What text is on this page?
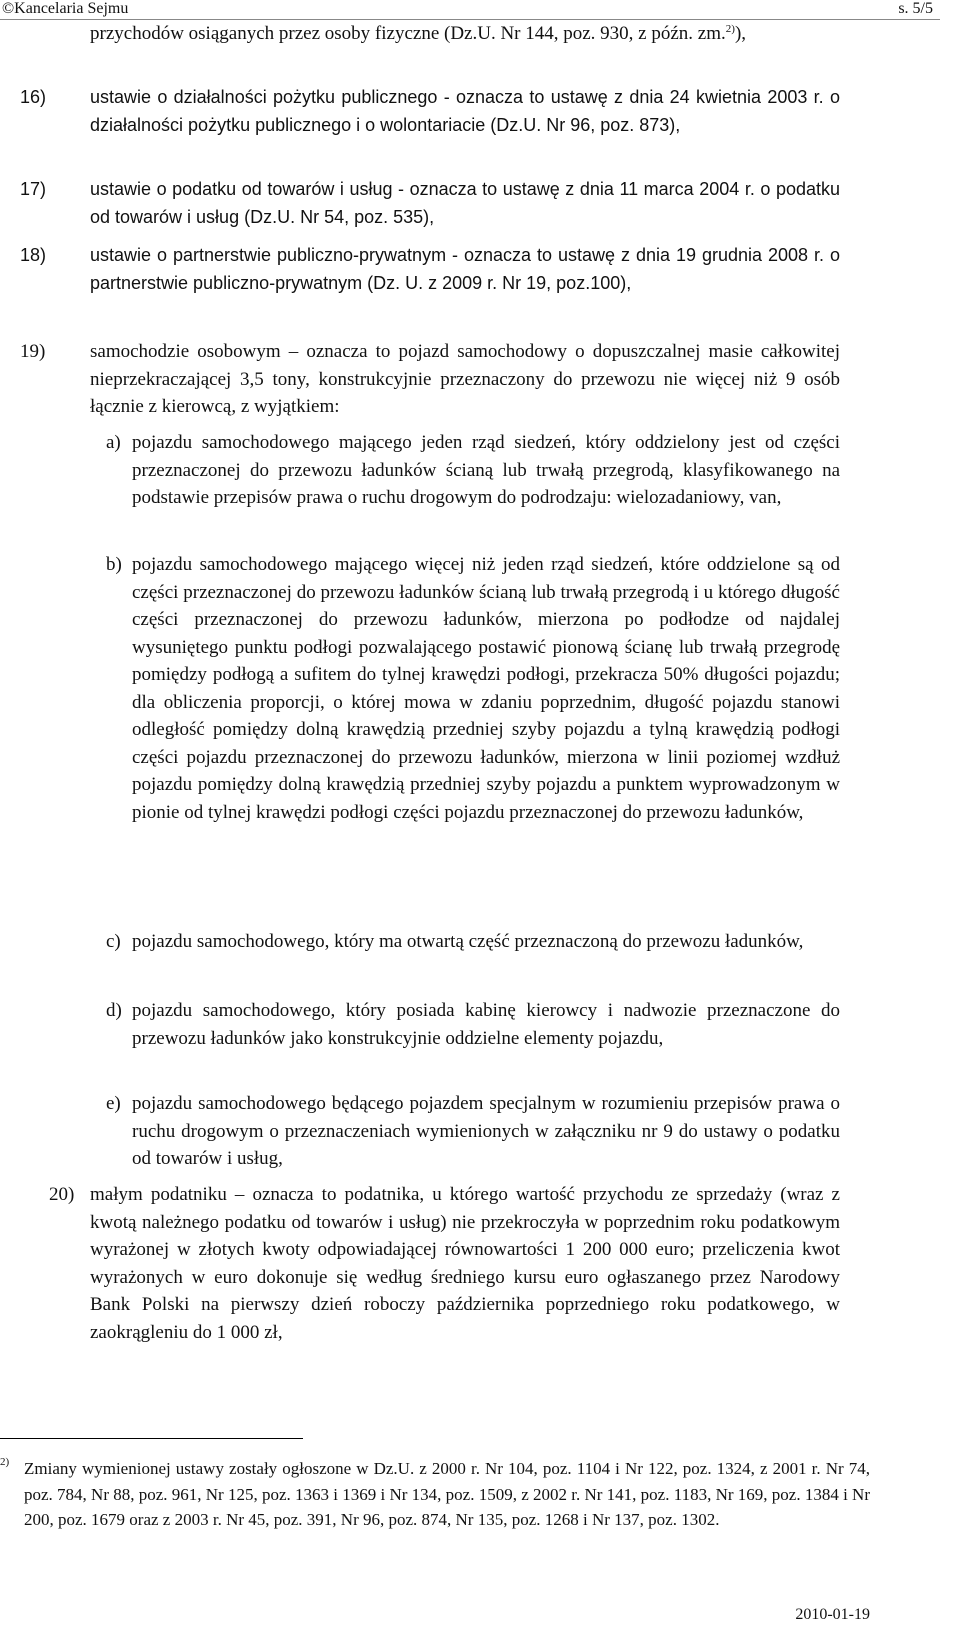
©Kancelaria Sejmu	s. 5/5
przychodów osiąganych przez osoby fizyczne (Dz.U. Nr 144, poz. 930, z późn. zm.$^{2)}$),
16) ustawie o działalności pożytku publicznego - oznacza to ustawę z dnia 24 kwietnia 2003 r. o działalności pożytku publicznego i o wolontariacie (Dz.U. Nr 96, poz. 873),
17) ustawie o podatku od towarów i usług - oznacza to ustawę z dnia 11 marca 2004 r. o podatku od towarów i usług (Dz.U. Nr 54, poz. 535),
18) ustawie o partnerstwie publiczno-prywatnym - oznacza to ustawę z dnia 19 grudnia 2008 r. o partnerstwie publiczno-prywatnym (Dz. U. z 2009 r. Nr 19, poz.100),
19) samochodzie osobowym – oznacza to pojazd samochodowy o dopuszczalnej masie całkowitej nieprzekraczającej 3,5 tony, konstrukcyjnie przeznaczony do przewozu nie więcej niż 9 osób łącznie z kierowcą, z wyjątkiem:
a) pojazdu samochodowego mającego jeden rząd siedzeń, który oddzielony jest od części przeznaczonej do przewozu ładunków ścianą lub trwałą przegrodą, klasyfikowanego na podstawie przepisów prawa o ruchu drogowym do podrodzaju: wielozadaniowy, van,
b) pojazdu samochodowego mającego więcej niż jeden rząd siedzeń, które oddzielone są od części przeznaczonej do przewozu ładunków ścianą lub trwałą przegrodą i u którego długość części przeznaczonej do przewozu ładunków, mierzona po podłodze od najdalej wysuniętego punktu podłogi pozwalającego postawić pionową ścianę lub trwałą przegrodę pomiędzy podłogą a sufitem do tylnej krawędzi podłogi, przekracza 50% długości pojazdu; dla obliczenia proporcji, o której mowa w zdaniu poprzednim, długość pojazdu stanowi odległość pomiędzy dolną krawędzią przedniej szyby pojazdu a tylną krawędzią podłogi części pojazdu przeznaczonej do przewozu ładunków, mierzona w linii poziomej wzdłuż pojazdu pomiędzy dolną krawędzią przedniej szyby pojazdu a punktem wyprowadzonym w pionie od tylnej krawędzi podłogi części pojazdu przeznaczonej do przewozu ładunków,
c) pojazdu samochodowego, który ma otwartą część przeznaczoną do przewozu ładunków,
d) pojazdu samochodowego, który posiada kabinę kierowcy i nadwozie przeznaczone do przewozu ładunków jako konstrukcyjnie oddzielne elementy pojazdu,
e) pojazdu samochodowego będącego pojazdem specjalnym w rozumieniu przepisów prawa o ruchu drogowym o przeznaczeniach wymienionych w załączniku nr 9 do ustawy o podatku od towarów i usług,
20) małym podatniku – oznacza to podatnika, u którego wartość przychodu ze sprzedaży (wraz z kwotą należnego podatku od towarów i usług) nie przekroczyła w poprzednim roku podatkowym wyrażonej w złotych kwoty odpowiadającej równowartości 1 200 000 euro; przeliczenia kwot wyrażonych w euro dokonuje się według średniego kursu euro ogłaszanego przez Narodowy Bank Polski na pierwszy dzień roboczy października poprzedniego roku podatkowego, w zaokrągleniu do 1 000 zł,
2) Zmiany wymienionej ustawy zostały ogłoszone w Dz.U. z 2000 r. Nr 104, poz. 1104 i Nr 122, poz. 1324, z 2001 r. Nr 74, poz. 784, Nr 88, poz. 961, Nr 125, poz. 1363 i 1369 i Nr 134, poz. 1509, z 2002 r. Nr 141, poz. 1183, Nr 169, poz. 1384 i Nr 200, poz. 1679 oraz z 2003 r. Nr 45, poz. 391, Nr 96, poz. 874, Nr 135, poz. 1268 i Nr 137, poz. 1302.
2010-01-19
